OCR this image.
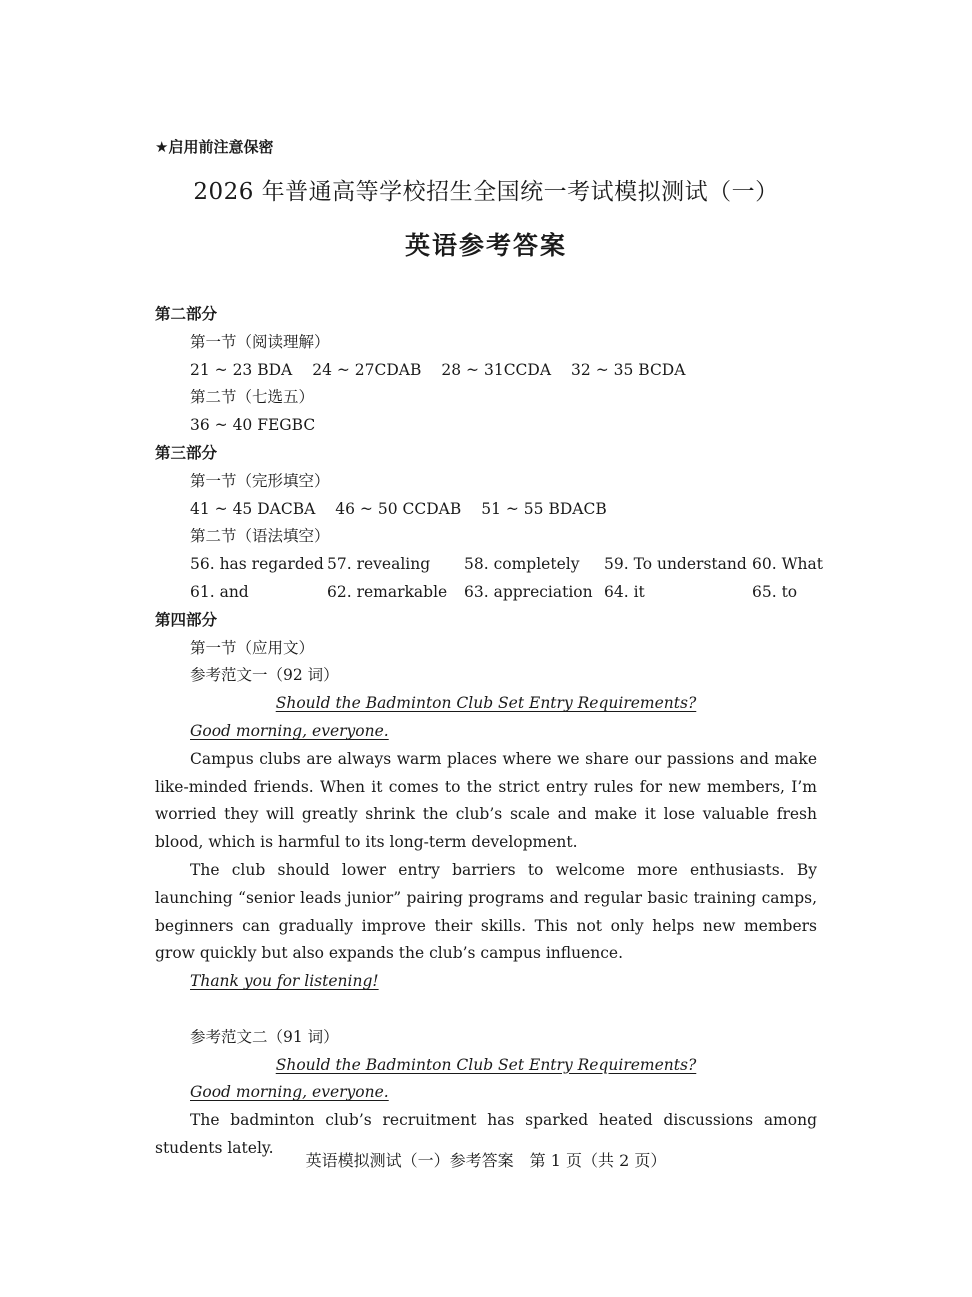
★启用前注意保密
2026 年普通高等学校招生全国统一考试模拟测试（一）
英语参考答案
第二部分
第一节（阅读理解）
21 ~ 23 BDA 24 ~ 27CDAB 28 ~ 31CCDA 32 ~ 35 BCDA
第二节（七选五）
36 ~ 40 FEGBC
第三部分
第一节（完形填空）
41 ~ 45 DACBA 46 ~ 50 CCDAB 51 ~ 55 BDACB
第二节（语法填空）
56. has regarded 57. revealing	58. completely	59. To understand 60. What
61. and	62. remarkable	63. appreciation 64. it	65. to
第四部分
第一节（应用文）
参考范文一（92 词）
Should the Badminton Club Set Entry Requirements?
Good morning, everyone.
Campus clubs are always warm places where we share our passions and make like-minded friends. When it comes to the strict entry rules for new members, I’m worried they will greatly shrink the club’s scale and make it lose valuable fresh blood, which is harmful to its long-term development.
The club should lower entry barriers to welcome more enthusiasts. By launching “senior leads junior” pairing programs and regular basic training camps, beginners can gradually improve their skills. This not only helps new members grow quickly but also expands the club’s campus influence.
Thank you for listening!
参考范文二（91 词）
Should the Badminton Club Set Entry Requirements?
Good morning, everyone.
The badminton club’s recruitment has sparked heated discussions among students lately.
英语模拟测试（一）参考答案　第 1 页（共 2 页）
